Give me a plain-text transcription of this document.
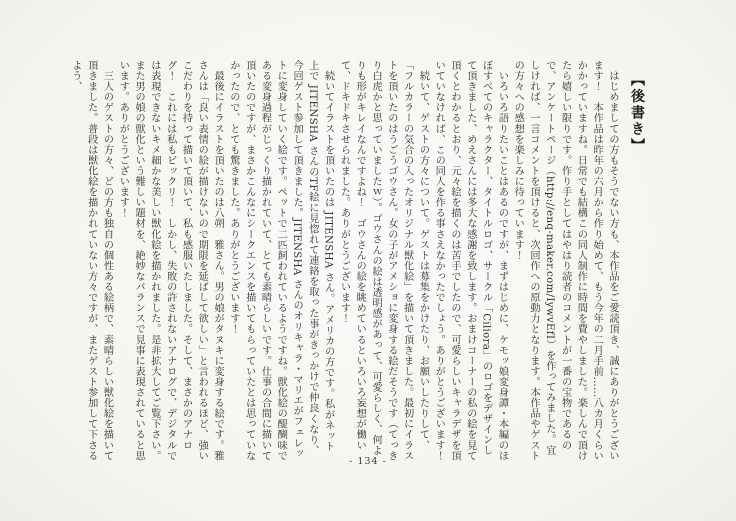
【後書き】

　はじめましての方もそうでない方も、本作品をご愛読頂き、誠にありがとうございます！　本作品は昨年の六月から作り始めて、もう今年の二月手前……八カ月くらいかかっていますね。日常でも結構この同人制作に時間を費やしました。楽しんで頂けたら嬉しい限りです。作り手としてはやはり読者のコメントが一番の宝物であるので、アンケートページ（http://enq-maker.com/IywvEfI）を作ってみました。宜しければ、一言コメントを頂けると、次回作への原動力となります。本作品やゲストの方々への感想を楽しみに待っています！

　いろいろ語りたいことはあるのですが、まずはじめに、ケモッ娘変身譚・本編のほぼすべてのキャラクター、タイトルロゴ、サークル「Ciliora」のロゴをデザインして頂きました、めえさんには多大な感謝を致します。おまけコーナーの私の絵を見て頂くとわかるとおり、元々絵を描くのは苦手でしたので、可愛らしいキャラデザを頂いていなければ、この同人を作る事さえなかったでしょう。ありがとうございます！

　続いて、ゲストの方々について。ゲストは募集をかけたり、お願いしたりして、「フルカラーの気合の入ったオリジナル獣化絵」を描いて頂きました。最初にイラストを頂いたのはうごうゴウさん。女の子がアメショに変身する絵だそうです（てっきり白虎かと思っていましたｗ）。ゴウさんの絵は透明感があって、可愛らしく、何よりも形がキレイなんですよね！　ゴウさんの絵を眺めているといろいろ妄想が働いて、ドキドキさせられました。ありがとうございます！

　続いてイラストを頂いたのは JITENSHA さん。アメリカの方です。私がネット上で JITENSHA さんのTF絵に見惚れて連絡を取った事がきっかけで仲良くなり、今回ゲスト参加して頂きました。JITENSHA さんのオリキャラ・マリエがフェレットに変身していく絵です。ペットで二匹飼われているようですね。獣化絵の醍醐味である変身過程がじっくり描かれていて、とても素晴らしいです。仕事の合間に描いて頂いたのですが、まさかこんなにシークエンスを描いてもらっていたとは思っていなかったので、とても驚きました。ありがとうございます！

　最後にイラストを頂いたのは八朔　雅さん。男の娘がタヌキに変身する絵です。雅さんは「良い表情の絵が描けないので期限を延ばして欲しい」と言われるほど、強いこだわりを持って描いて頂いて、私も感服いたしました。そして、まさかのアナログ！　これには私もビックリ！　しかし、失敗の許されないアナログで、デジタルでは表現できないキメ細かな美しい獣化絵を描かれました。是非拡大してご覧下さい。また男の娘の獣化という難しい題材を、絶妙なバランスで見事に表現されていると思います。ありがとうございます！

　三人のゲストの方々、どの方も独自の個性ある絵柄で、素晴らしい獣化絵を描いて頂きました。普段は獣化絵を描かれていない方々ですが、またゲスト参加して下さるよう、

- 134 -
